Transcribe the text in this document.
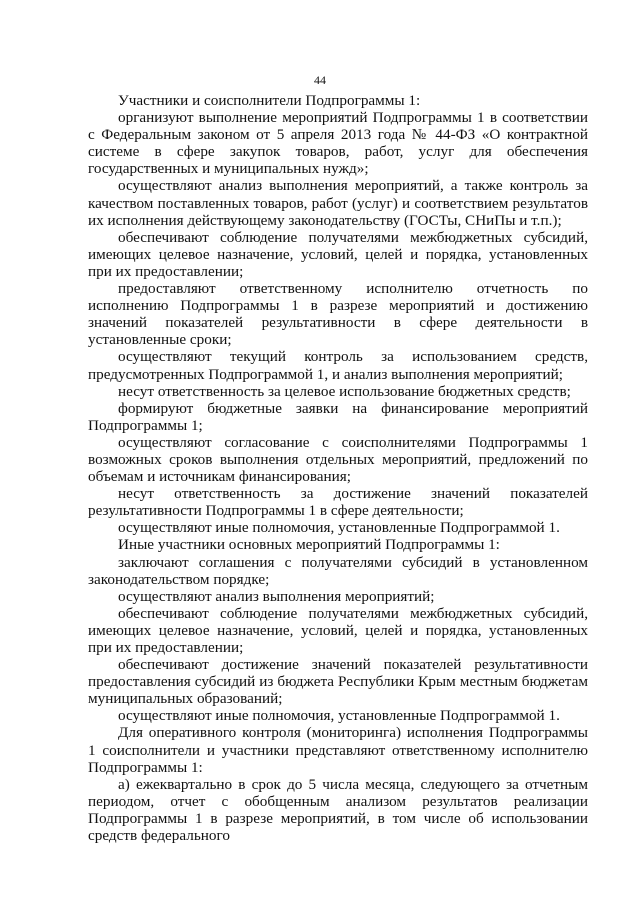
44

Участники и соисполнители Подпрограммы 1:

организуют выполнение мероприятий Подпрограммы 1 в соответствии с Федеральным законом от 5 апреля 2013 года № 44-ФЗ «О контрактной системе в сфере закупок товаров, работ, услуг для обеспечения государственных и муниципальных нужд»;

осуществляют анализ выполнения мероприятий, а также контроль за качеством поставленных товаров, работ (услуг) и соответствием результатов их исполнения действующему законодательству (ГОСТы, СНиПы и т.п.);

обеспечивают соблюдение получателями межбюджетных субсидий, имеющих целевое назначение, условий, целей и порядка, установленных при их предоставлении;

предоставляют ответственному исполнителю отчетность по исполнению Подпрограммы 1 в разрезе мероприятий и достижению значений показателей результативности в сфере деятельности в установленные сроки;

осуществляют текущий контроль за использованием средств, предусмотренных Подпрограммой 1, и анализ выполнения мероприятий;

несут ответственность за целевое использование бюджетных средств;

формируют бюджетные заявки на финансирование мероприятий Подпрограммы 1;

осуществляют согласование с соисполнителями Подпрограммы 1 возможных сроков выполнения отдельных мероприятий, предложений по объемам и источникам финансирования;

несут ответственность за достижение значений показателей результативности Подпрограммы 1 в сфере деятельности;

осуществляют иные полномочия, установленные Подпрограммой 1.

Иные участники основных мероприятий Подпрограммы 1:

заключают соглашения с получателями субсидий в установленном законодательством порядке;

осуществляют анализ выполнения мероприятий;

обеспечивают соблюдение получателями межбюджетных субсидий, имеющих целевое назначение, условий, целей и порядка, установленных при их предоставлении;

обеспечивают достижение значений показателей результативности предоставления субсидий из бюджета Республики Крым местным бюджетам муниципальных образований;

осуществляют иные полномочия, установленные Подпрограммой 1.

Для оперативного контроля (мониторинга) исполнения Подпрограммы 1 соисполнители и участники представляют ответственному исполнителю Подпрограммы 1:

а) ежеквартально в срок до 5 числа месяца, следующего за отчетным периодом, отчет с обобщенным анализом результатов реализации Подпрограммы 1 в разрезе мероприятий, в том числе об использовании средств федерального
